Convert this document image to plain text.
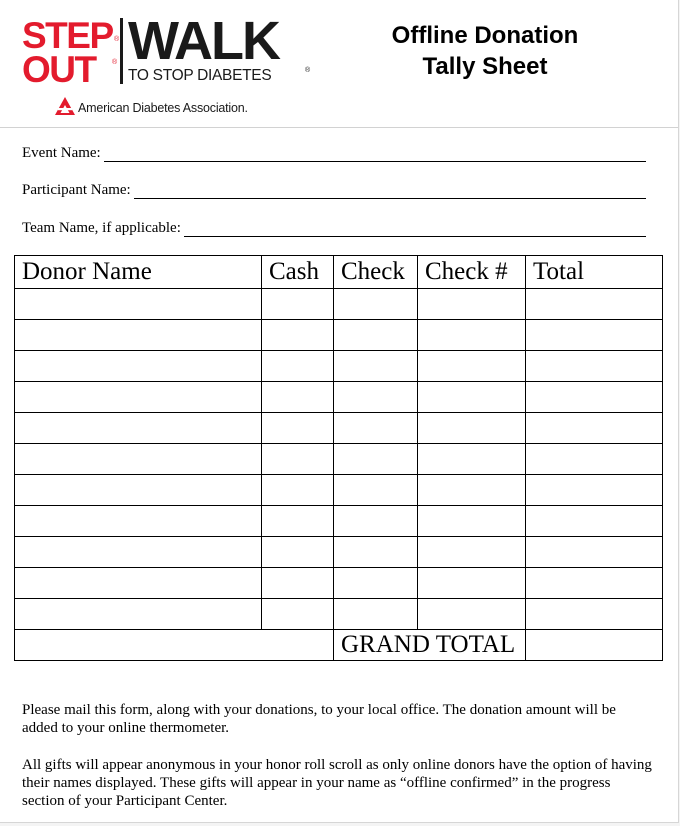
STEP ®
OUT ® WALK
TO STOP DIABETES	®
American Diabetes Association.
Offline Donation
Tally Sheet
Event Name:
Participant Name:
Team Name, if applicable:
Donor Name	Cash	Check	Check #	Total

		GRAND TOTAL		
Please mail this form, along with your donations, to your local office. The donation amount will be added to your online thermometer.
All gifts will appear anonymous in your honor roll scroll as only online donors have the option of having their names displayed. These gifts will appear in your name as “offline confirmed” in the progress section of your Participant Center.
